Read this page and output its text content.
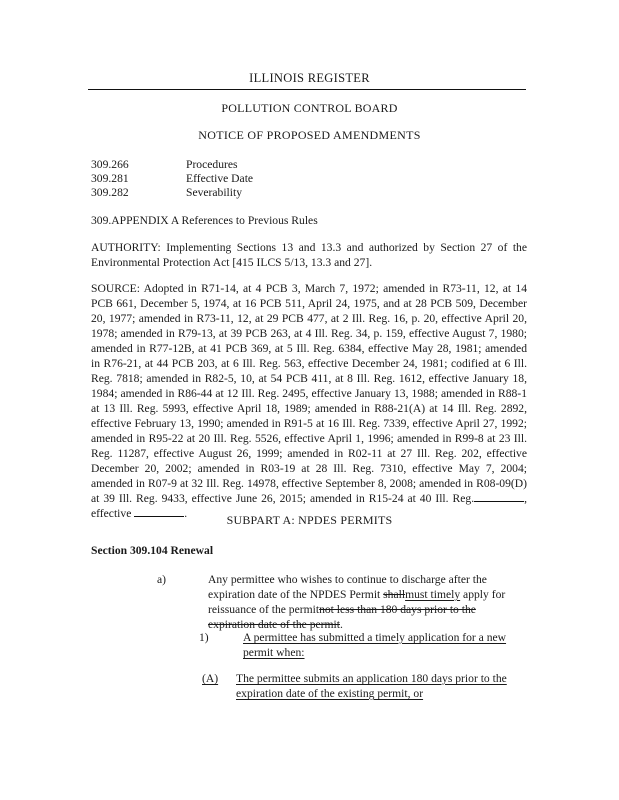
ILLINOIS REGISTER
POLLUTION CONTROL BOARD
NOTICE OF PROPOSED AMENDMENTS
309.266	Procedures
309.281	Effective Date
309.282	Severability
309.APPENDIX A References to Previous Rules
AUTHORITY: Implementing Sections 13 and 13.3 and authorized by Section 27 of the Environmental Protection Act [415 ILCS 5/13, 13.3 and 27].
SOURCE: Adopted in R71-14, at 4 PCB 3, March 7, 1972; amended in R73-11, 12, at 14 PCB 661, December 5, 1974, at 16 PCB 511, April 24, 1975, and at 28 PCB 509, December 20, 1977; amended in R73-11, 12, at 29 PCB 477, at 2 Ill. Reg. 16, p. 20, effective April 20, 1978; amended in R79-13, at 39 PCB 263, at 4 Ill. Reg. 34, p. 159, effective August 7, 1980; amended in R77-12B, at 41 PCB 369, at 5 Ill. Reg. 6384, effective May 28, 1981; amended in R76-21, at 44 PCB 203, at 6 Ill. Reg. 563, effective December 24, 1981; codified at 6 Ill. Reg. 7818; amended in R82-5, 10, at 54 PCB 411, at 8 Ill. Reg. 1612, effective January 18, 1984; amended in R86-44 at 12 Ill. Reg. 2495, effective January 13, 1988; amended in R88-1 at 13 Ill. Reg. 5993, effective April 18, 1989; amended in R88-21(A) at 14 Ill. Reg. 2892, effective February 13, 1990; amended in R91-5 at 16 Ill. Reg. 7339, effective April 27, 1992; amended in R95-22 at 20 Ill. Reg. 5526, effective April 1, 1996; amended in R99-8 at 23 Ill. Reg. 11287, effective August 26, 1999; amended in R02-11 at 27 Ill. Reg. 202, effective December 20, 2002; amended in R03-19 at 28 Ill. Reg. 7310, effective May 7, 2004; amended in R07-9 at 32 Ill. Reg. 14978, effective September 8, 2008; amended in R08-09(D) at 39 Ill. Reg. 9433, effective June 26, 2015; amended in R15-24 at 40 Ill. Reg.	, effective	.	SUBPART A: NPDES PERMITS
Section 309.104 Renewal
a)	Any permittee who wishes to continue to discharge after the expiration date of the NPDES Permit shallmust timely apply for reissuance of the permitnot less than 180 days prior to the expiration date of the permit.
1)	A permittee has submitted a timely application for a new permit when:
(A) The permittee submits an application 180 days prior to the expiration date of the existing permit, or
